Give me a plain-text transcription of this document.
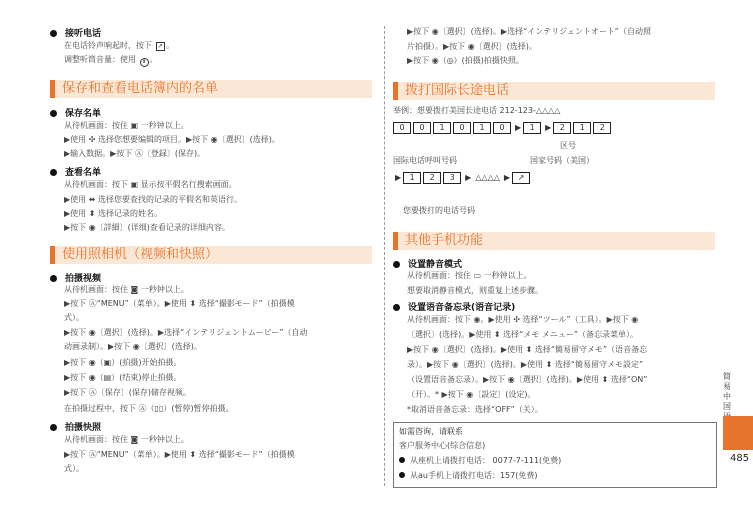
接听电话
在电话铃声响起时，按下 ↗ 。
调整听筒音量：使用 ⬍ 。
保存和查看电话簿内的名单
保存名单
从待机画面：按住 ▣ 一秒钟以上。
▶使用 ✣ 选择您想要编辑的项目。▶按下 ◉〔選択〕(选择)。
▶输入数据。▶按下 Ⓐ〔登録〕(保存)。
查看名单
从待机画面：按下 ▣ 显示按平假名行搜索画面。
▶使用 ⬌ 选择您要查找的记录的平假名和英语行。
▶使用 ⬍ 选择记录的姓名。
▶按下 ◉〔詳細〕(详细)查看记录的详细内容。
使用照相机（视频和快照）
拍摄视频
从待机画面：按住 ◙ 一秒钟以上。
▶按下 Ⓐ“MENU”（菜单）。▶使用 ⬍ 选择“撮影モード”（拍摄模
式）。
▶按下 ◉〔選択〕(选择)。▶选择“インテリジェントムービー”（自动
动画录制）。▶按下 ◉〔選択〕(选择)。
▶按下 ◉（▣）(拍摄)开始拍摄。
▶按下 ◉（▤）(结束)停止拍摄。
▶按下 Ⓐ〔保存〕(保存)储存视频。
在拍摄过程中，按下 Ⓐ（▯▯）(暂停)暂停拍摄。
拍摄快照
从待机画面：按住 ◙ 一秒钟以上。
▶按下 Ⓐ“MENU”（菜单）。▶使用 ⬍ 选择“撮影モード”（拍摄模
式）。
▶按下 ◉〔選択〕(选择)。▶选择“インテリジェントオート”（自动照
片拍摄）。▶按下 ◉〔選択〕(选择)。
▶按下 ◉（◎）(拍摄)拍摄快照。
拨打国际长途电话
举例：想要拨打美国长途电话 212-123-△△△△
0	0	1	0	1	0	▶	1	▶	2	1	2
区号
国际电话呼叫号码	国家号码（美国）
▶	1	2	3	▶ △△△△ ▶ ↗
您要拨打的电话号码
其他手机功能
设置静音模式
从待机画面：按住 ▭ 一秒钟以上。
想要取消静音模式，则重复上述步骤。
设置语音备忘录(语音记录)
从待机画面：按下 ◉。▶使用 ✣ 选择“ツール”（工具）。▶按下 ◉
〔選択〕(选择)。▶使用 ⬍ 选择“メモ メニュー”（备忘录菜单）。
▶按下 ◉〔選択〕(选择)。▶使用 ⬍ 选择“簡易留守メモ”（语音备忘
录）。▶按下 ◉〔選択〕(选择)。▶使用 ⬍ 选择“簡易留守メモ設定”
（设置语音备忘录）。▶按下 ◉〔選択〕(选择)。▶使用 ⬍ 选择“ON”
（开）。* ▶按下 ◉〔設定〕(设定)。
*取消语音备忘录：选择“OFF”（关）。
如需咨询，请联系
客户服务中心(综合信息)
从座机上请拨打电话： 0077-7-111(免费)
从au手机上请拨打电话：157(免费)
简易中国
485
